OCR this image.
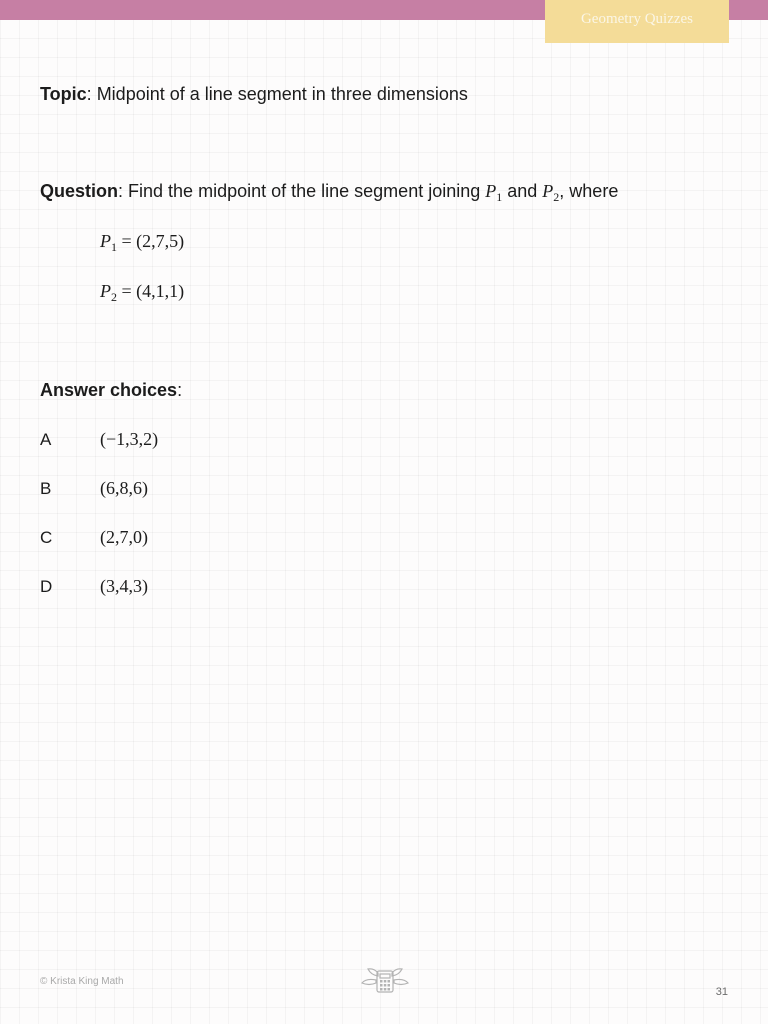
Geometry Quizzes
Topic: Midpoint of a line segment in three dimensions
Question: Find the midpoint of the line segment joining $P_1$ and $P_2$, where
$P_1 = (2,7,5)$
$P_2 = (4,1,1)$
Answer choices:
A	(−1,3,2)
B	(6,8,6)
C	(2,7,0)
D	(3,4,3)
© Krista King Math
31
